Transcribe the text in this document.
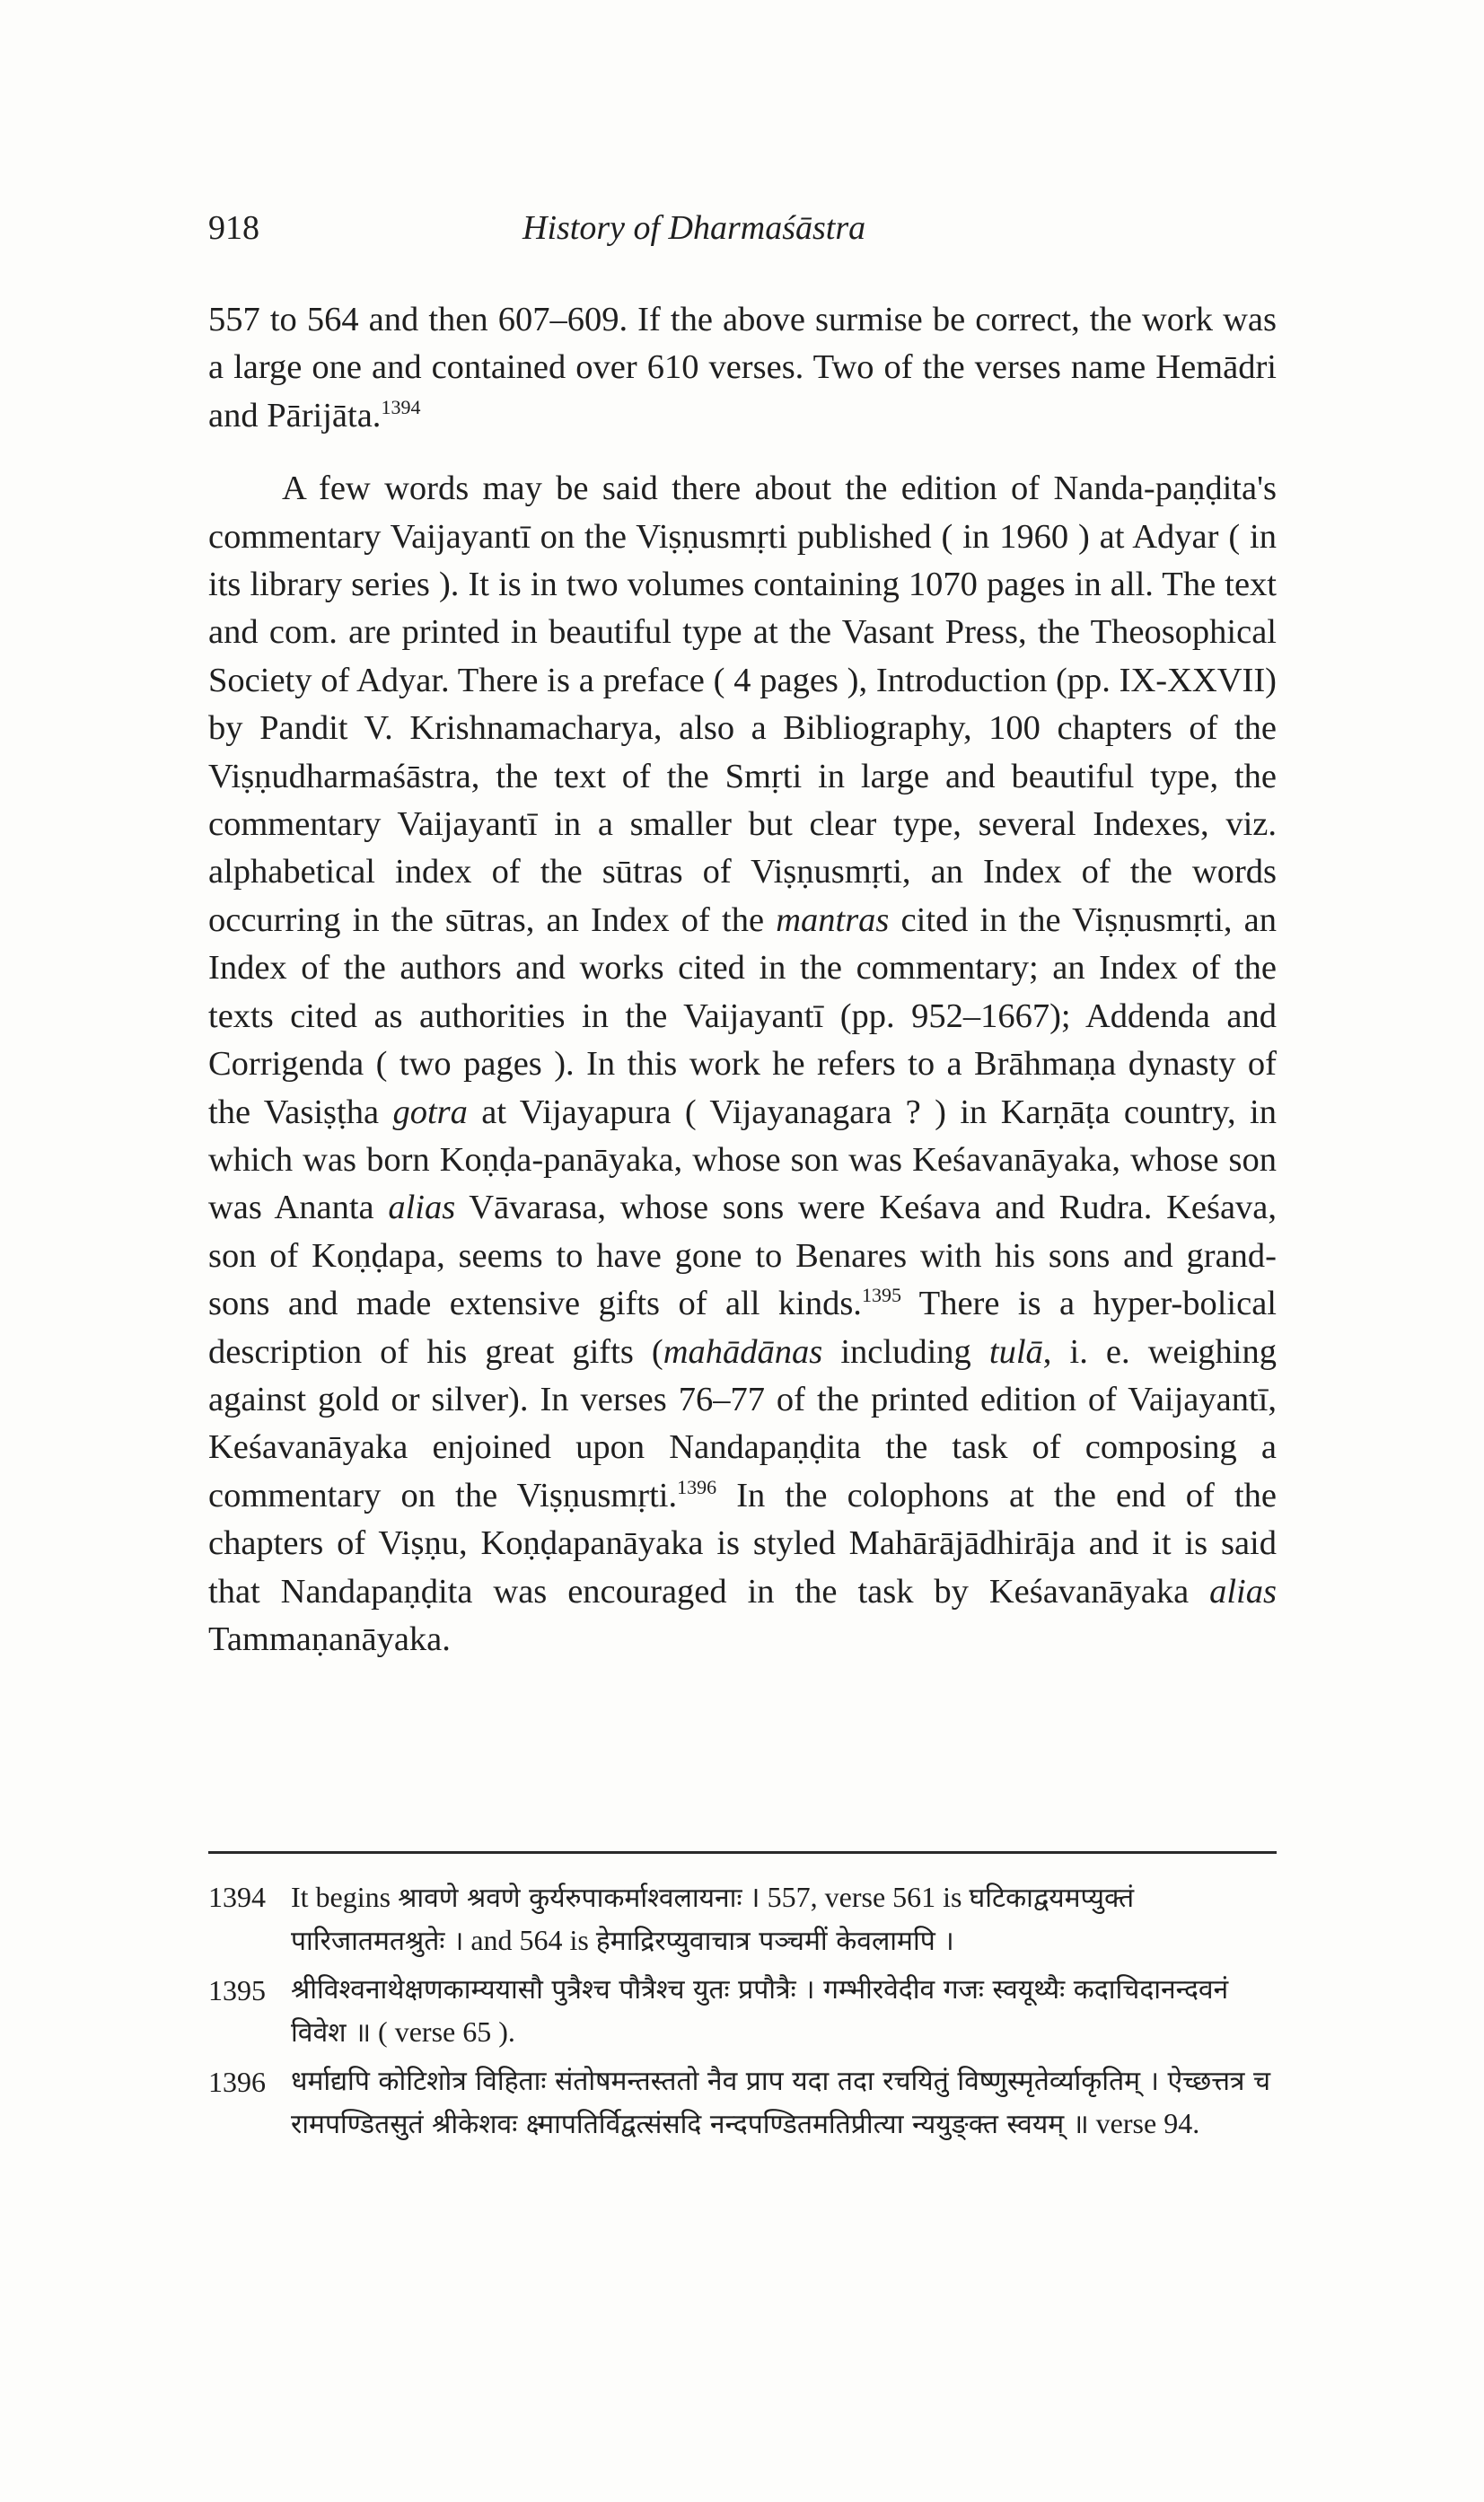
918	History of Dharmaśāstra

557 to 564 and then 607–609. If the above surmise be correct, the work was a large one and contained over 610 verses. Two of the verses name Hemādri and Pārijāta.$^{1394}$

A few words may be said there about the edition of Nanda-paṇḍita's commentary Vaijayantī on the Viṣṇusmṛti published ( in 1960 ) at Adyar ( in its library series ). It is in two volumes containing 1070 pages in all. The text and com. are printed in beautiful type at the Vasant Press, the Theosophical Society of Adyar. There is a preface ( 4 pages ), Introduction (pp. IX-XXVII) by Pandit V. Krishnamacharya, also a Bibliography, 100 chapters of the Viṣṇudharmaśāstra, the text of the Smṛti in large and beautiful type, the commentary Vaijayantī in a smaller but clear type, several Indexes, viz. alphabetical index of the sūtras of Viṣṇusmṛti, an Index of the words occurring in the sūtras, an Index of the mantras cited in the Viṣṇusmṛti, an Index of the authors and works cited in the commentary; an Index of the texts cited as authorities in the Vaijayantī (pp. 952–1667); Addenda and Corrigenda ( two pages ). In this work he refers to a Brāhmaṇa dynasty of the Vasiṣṭha gotra at Vijayapura ( Vijayanagara ? ) in Karṇāṭa country, in which was born Koṇḍa-panāyaka, whose son was Keśavanāyaka, whose son was Ananta alias Vāvarasa, whose sons were Keśava and Rudra. Keśava, son of Koṇḍapa, seems to have gone to Benares with his sons and grand-sons and made extensive gifts of all kinds.$^{1395}$ There is a hyper-bolical description of his great gifts (mahādānas including tulā, i. e. weighing against gold or silver). In verses 76–77 of the printed edition of Vaijayantī, Keśavanāyaka enjoined upon Nandapaṇḍita the task of composing a commentary on the Viṣṇusmṛti.$^{1396}$ In the colophons at the end of the chapters of Viṣṇu, Koṇḍapanāyaka is styled Mahārājādhirāja and it is said that Nandapaṇḍita was encouraged in the task by Keśavanāyaka alias Tammaṇanāyaka.

1394 It begins श्रावणे श्रवणे कुर्यरुपाकर्माश्वलायनाः । 557, verse 561 is घटिकाद्वयमप्युक्तं पारिजातमतश्रुतेः । and 564 is हेमाद्रिरप्युवाचात्र पञ्चमीं केवलामपि ।
1395 श्रीविश्वनाथेक्षणकाम्ययासौ पुत्रैश्च पौत्रैश्च युतः प्रपौत्रैः । गम्भीरवेदीव गजः स्वयूथ्यैः कदाचिदानन्दवनं विवेश ॥ ( verse 65 ).
1396 धर्माद्यपि कोटिशोत्र विहिताः संतोषमन्तस्ततो नैव प्राप यदा तदा रचयितुं विष्णुस्मृतेर्व्याकृतिम् । ऐच्छत्तत्र च रामपण्डितसुतं श्रीकेशवः क्ष्मापतिर्विद्वत्संसदि नन्दपण्डितमतिप्रीत्या न्ययुङ्क्त स्वयम् ॥ verse 94.
